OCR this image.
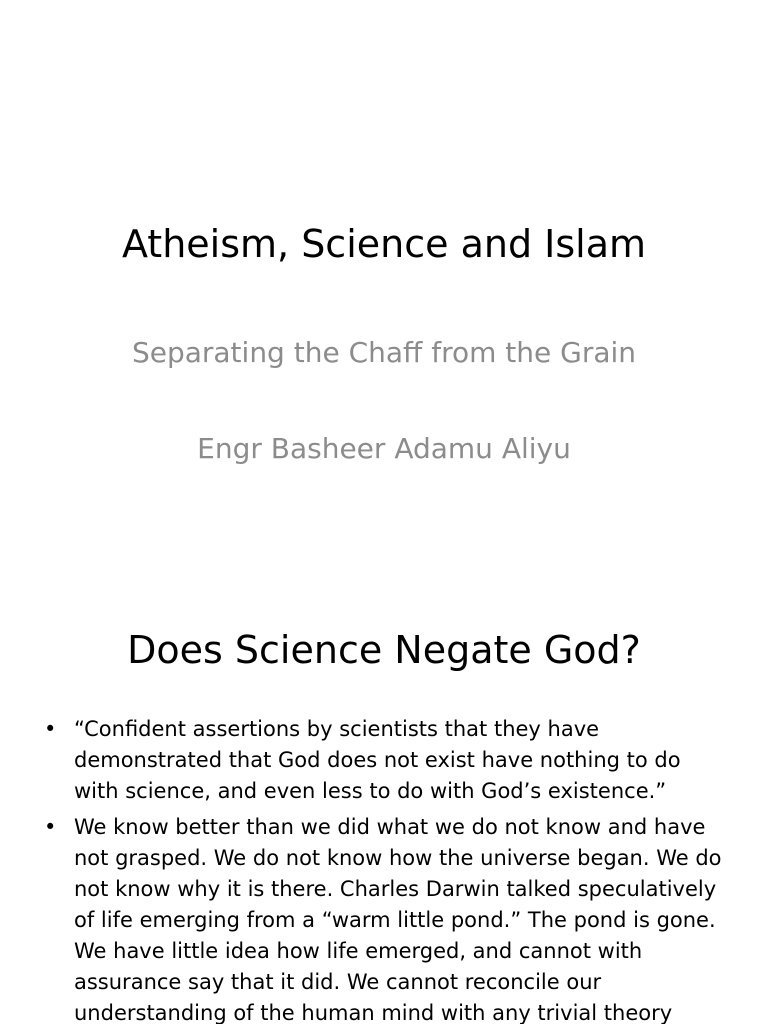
Atheism, Science and Islam
Separating the Chaff from the Grain
Engr Basheer Adamu Aliyu
Does Science Negate God?
• “Confident assertions by scientists that they have demonstrated that God does not exist have nothing to do with science, and even less to do with God’s existence.”
• We know better than we did what we do not know and have not grasped. We do not know how the universe began. We do not know why it is there. Charles Darwin talked speculatively of life emerging from a “warm little pond.” The pond is gone. We have little idea how life emerged, and cannot with assurance say that it did. We cannot reconcile our understanding of the human mind with any trivial theory
